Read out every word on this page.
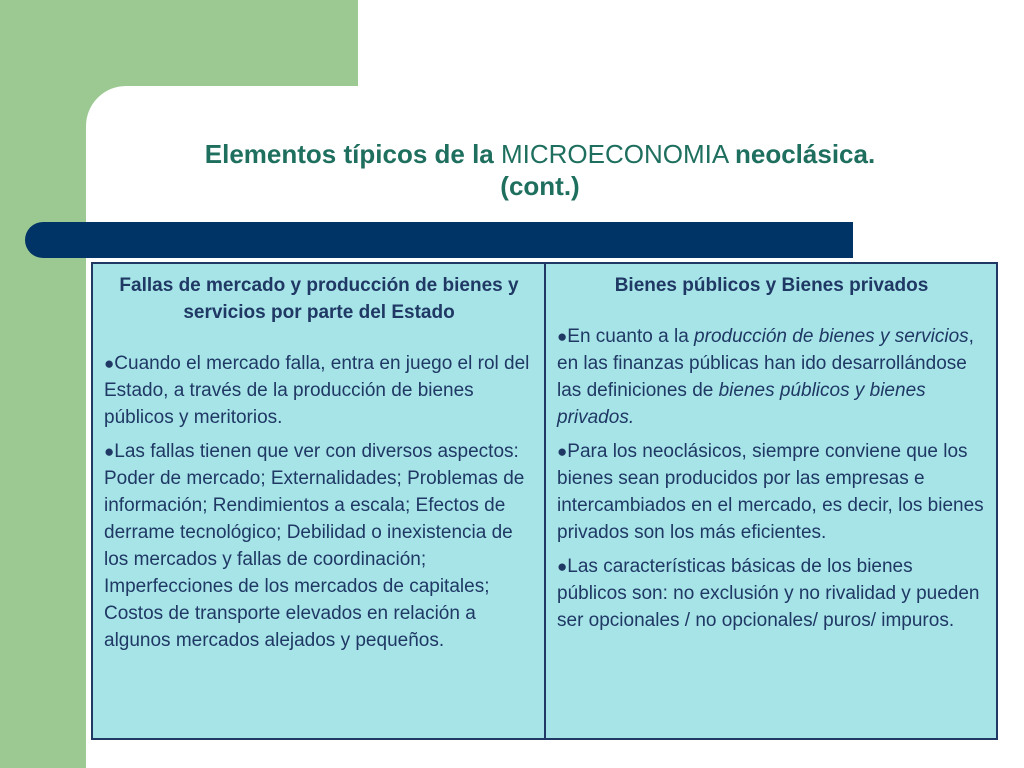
Elementos típicos de la MICROECONOMIA neoclásica.
(cont.)

Fallas de mercado y producción de bienes y servicios por parte del Estado

●Cuando el mercado falla, entra en juego el rol del Estado, a través de la producción de bienes públicos y meritorios.

●Las fallas tienen que ver con diversos aspectos: Poder de mercado; Externalidades; Problemas de información; Rendimientos a escala; Efectos de derrame tecnológico; Debilidad o inexistencia de los mercados y fallas de coordinación; Imperfecciones de los mercados de capitales; Costos de transporte elevados en relación a algunos mercados alejados y pequeños.

Bienes públicos y Bienes privados

●En cuanto a la producción de bienes y servicios, en las finanzas públicas han ido desarrollándose las definiciones de bienes públicos y bienes privados.

●Para los neoclásicos, siempre conviene que los bienes sean producidos por las empresas e intercambiados en el mercado, es decir, los bienes privados son los más eficientes.

●Las características básicas de los bienes públicos son: no exclusión y no rivalidad y pueden ser opcionales / no opcionales/ puros/ impuros.
